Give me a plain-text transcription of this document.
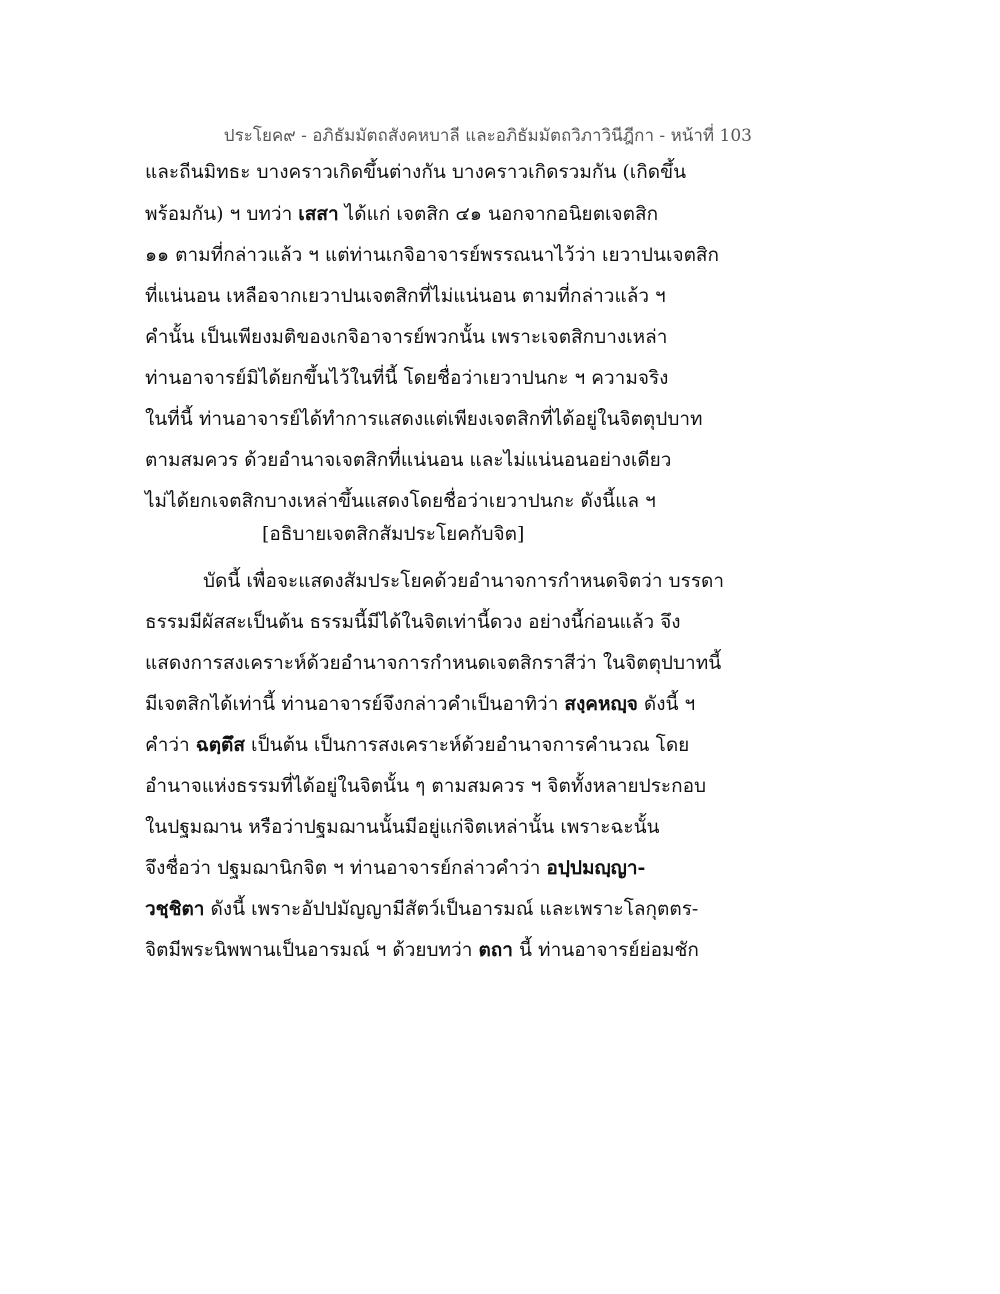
ประโยค๙ - อภิธัมมัตถสังคหบาลี และอภิธัมมัตถวิภาวินีฎีกา - หน้าที่ 103
และถีนมิทธะ บางคราวเกิดขึ้นต่างกัน บางคราวเกิดรวมกัน (เกิดขึ้น
พร้อมกัน) ฯ บทว่า เสสา ได้แก่ เจตสิก ๔๑ นอกจากอนิยตเจตสิก
๑๑ ตามที่กล่าวแล้ว ฯ แต่ท่านเกจิอาจารย์พรรณนาไว้ว่า เยวาปนเจตสิก
ที่แน่นอน เหลือจากเยวาปนเจตสิกที่ไม่แน่นอน ตามที่กล่าวแล้ว ฯ
คำนั้น เป็นเพียงมติของเกจิอาจารย์พวกนั้น เพราะเจตสิกบางเหล่า
ท่านอาจารย์มิได้ยกขึ้นไว้ในที่นี้ โดยชื่อว่าเยวาปนกะ ฯ ความจริง
ในที่นี้ ท่านอาจารย์ได้ทำการแสดงแต่เพียงเจตสิกที่ได้อยู่ในจิตตุปบาท
ตามสมควร ด้วยอำนาจเจตสิกที่แน่นอน และไม่แน่นอนอย่างเดียว
ไม่ได้ยกเจตสิกบางเหล่าขึ้นแสดงโดยชื่อว่าเยวาปนกะ ดังนี้แล ฯ
[อธิบายเจตสิกสัมประโยคกับจิต]
บัดนี้ เพื่อจะแสดงสัมประโยคด้วยอำนาจการกำหนดจิตว่า บรรดา
ธรรมมีผัสสะเป็นต้น ธรรมนี้มีได้ในจิตเท่านี้ดวง อย่างนี้ก่อนแล้ว จึง
แสดงการสงเคราะห์ด้วยอำนาจการกำหนดเจตสิกราสีว่า ในจิตตุปบาทนี้
มีเจตสิกได้เท่านี้ ท่านอาจารย์จึงกล่าวคำเป็นอาทิว่า สงฺคหญฺจ ดังนี้ ฯ
คำว่า ฉตฺตึส เป็นต้น เป็นการสงเคราะห์ด้วยอำนาจการคำนวณ โดย
อำนาจแห่งธรรมที่ได้อยู่ในจิตนั้น ๆ ตามสมควร ฯ จิตทั้งหลายประกอบ
ในปฐมฌาน หรือว่าปฐมฌานนั้นมีอยู่แก่จิตเหล่านั้น เพราะฉะนั้น
จึงชื่อว่า ปฐมฌานิกจิต ฯ ท่านอาจารย์กล่าวคำว่า อปฺปมญฺญา-
วชฺชิตา ดังนี้ เพราะอัปปมัญญามีสัตว์เป็นอารมณ์ และเพราะโลกุตตร-
จิตมีพระนิพพานเป็นอารมณ์ ฯ ด้วยบทว่า ตถา นี้ ท่านอาจารย์ย่อมชัก
